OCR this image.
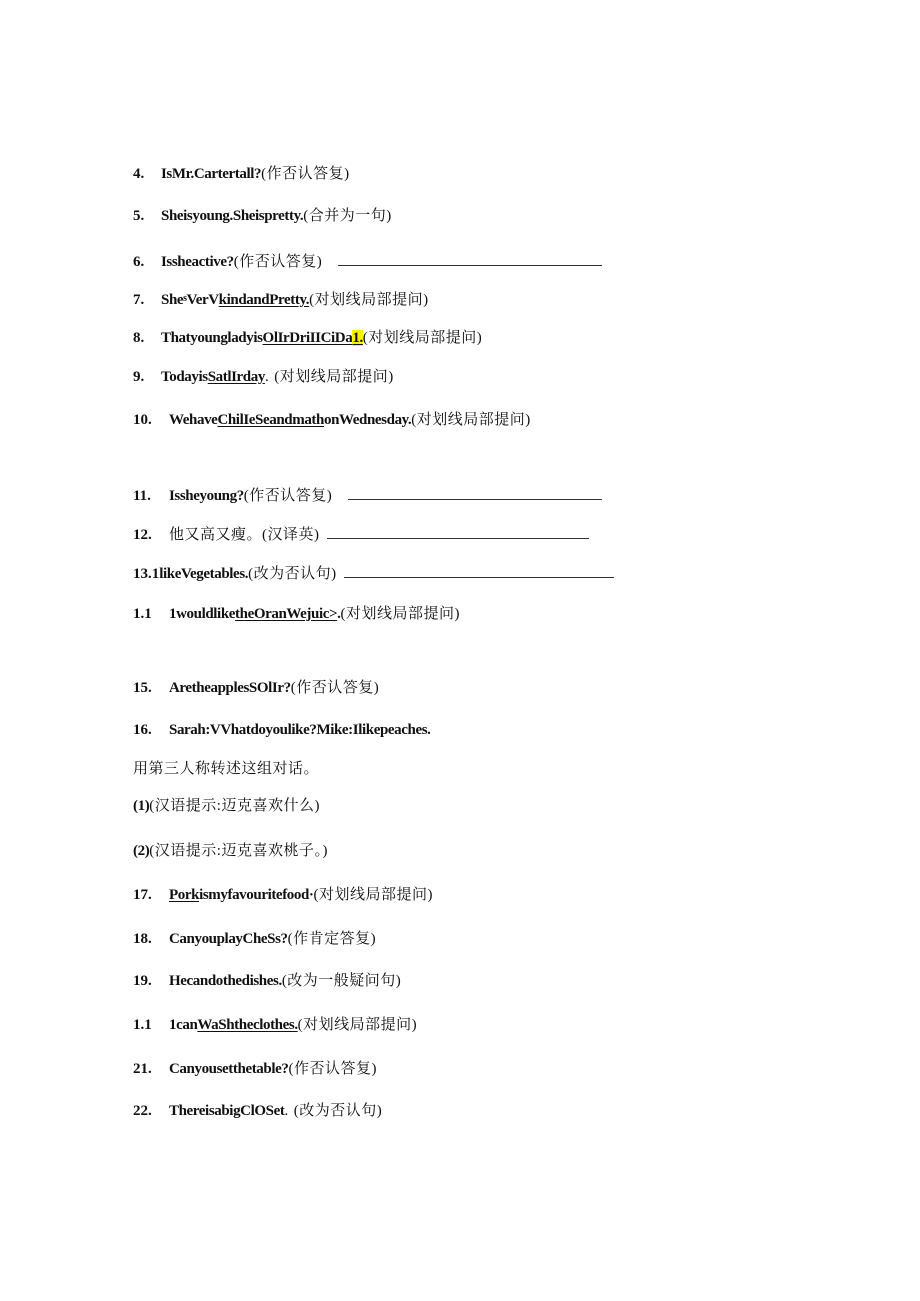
4. IsMr.Cartertall?(作否认答复)
5. Sheisyoung.Sheispretty.(合并为一句)
6. Issheactive?(作否认答复)
7. She$^s$VerVkindandPretty.(对划线局部提问)
8. ThatyoungladyisOlIrDriIICiDa1.(对划线局部提问)
9. TodayisSatlIrday. (对划线局部提问)
10. WehaveChilIeSeandmathonWednesday.(对划线局部提问)
11. Issheyoung?(作否认答复)
12. 他又高又瘦。(汉译英)
13.1likeVegetables.(改为否认句)
1.1 1wouldliketheOranWejuic>.(对划线局部提问)
15. AretheapplesSOlIr?(作否认答复)
16. Sarah:VVhatdoyoulike?Mike:Ilikepeaches.
用第三人称转述这组对话。
(1)(汉语提示:迈克喜欢什么)
(2)(汉语提示:迈克喜欢桃子。)
17. Porkismyfavouritefood·(对划线局部提问)
18. CanyouplayCheSs?(作肯定答复)
19. Hecandothedishes.(改为一般疑问句)
1.1 1canWaShtheclothes.(对划线局部提问)
21. Canyousetthetable?(作否认答复)
22. ThereisabigClOSet. (改为否认句)
